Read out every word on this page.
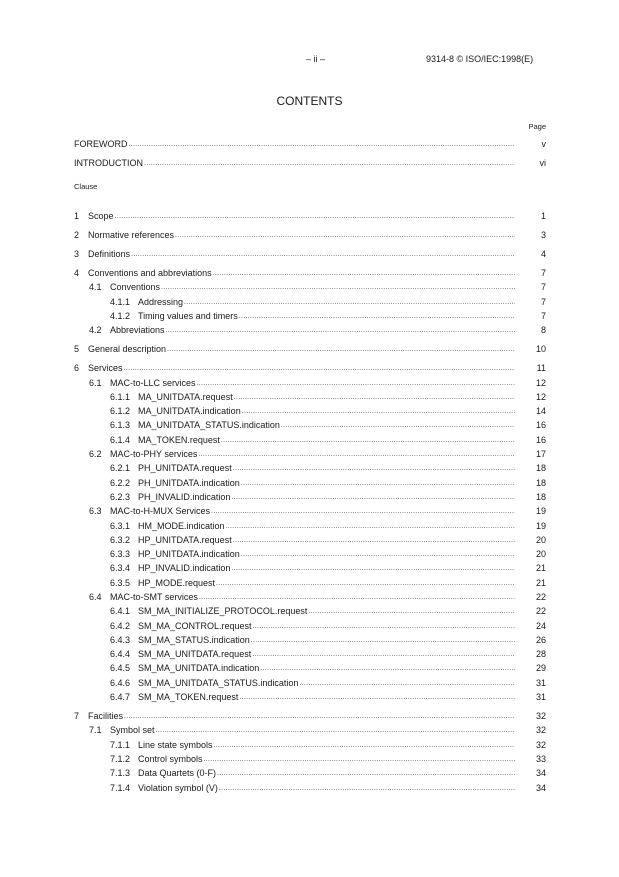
– ii –	9314-8 © ISO/IEC:1998(E)
CONTENTS
Page
Clause
FOREWORD .....	v
INTRODUCTION .....	vi
1 Scope .....	1
2 Normative references .....	3
3 Definitions .....	4
4 Conventions and abbreviations .....	7
4.1 Conventions .....	7
4.1.1 Addressing .....	7
4.1.2 Timing values and timers .....	7
4.2 Abbreviations .....	8
5 General description .....	10
6 Services .....	11
6.1 MAC-to-LLC services .....	12
6.1.1 MA_UNITDATA.request .....	12
6.1.2 MA_UNITDATA.indication .....	14
6.1.3 MA_UNITDATA_STATUS.indication .....	16
6.1.4 MA_TOKEN.request .....	16
6.2 MAC-to-PHY services .....	17
6.2.1 PH_UNITDATA.request .....	18
6.2.2 PH_UNITDATA.indication .....	18
6.2.3 PH_INVALID.indication .....	18
6.3 MAC-to-H-MUX Services .....	19
6.3.1 HM_MODE.indication .....	19
6.3.2 HP_UNITDATA.request .....	20
6.3.3 HP_UNITDATA.indication .....	20
6.3.4 HP_INVALID.indication .....	21
6.3.5 HP_MODE.request .....	21
6.4 MAC-to-SMT services .....	22
6.4.1 SM_MA_INITIALIZE_PROTOCOL.request .....	22
6.4.2 SM_MA_CONTROL.request .....	24
6.4.3 SM_MA_STATUS.indication .....	26
6.4.4 SM_MA_UNITDATA.request .....	28
6.4.5 SM_MA_UNITDATA.indication .....	29
6.4.6 SM_MA_UNITDATA_STATUS.indication .....	31
6.4.7 SM_MA_TOKEN.request .....	31
7 Facilities .....	32
7.1 Symbol set .....	32
7.1.1 Line state symbols .....	32
7.1.2 Control symbols .....	33
7.1.3 Data Quartets (0-F) .....	34
7.1.4 Violation symbol (V) .....	34
